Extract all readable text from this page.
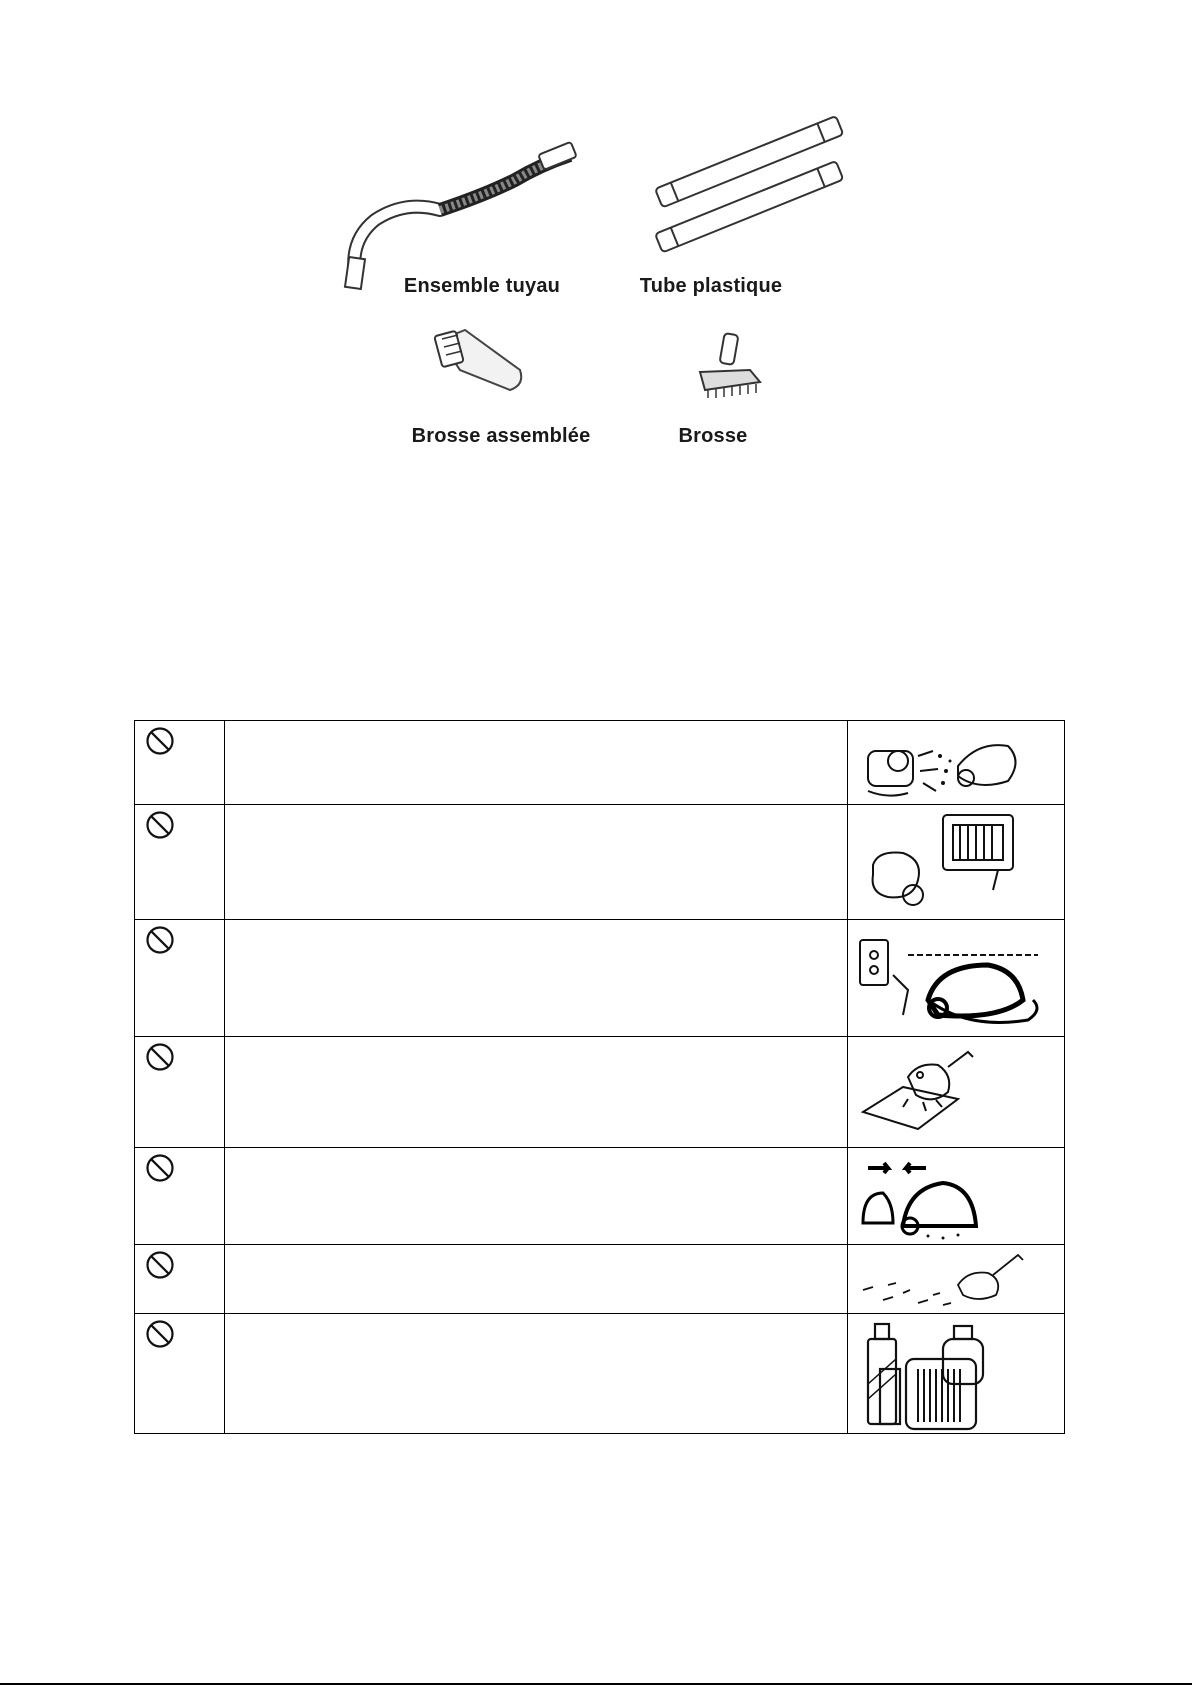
Ensemble tuyau	Tube plastique
Brosse assemblée	Brosse
